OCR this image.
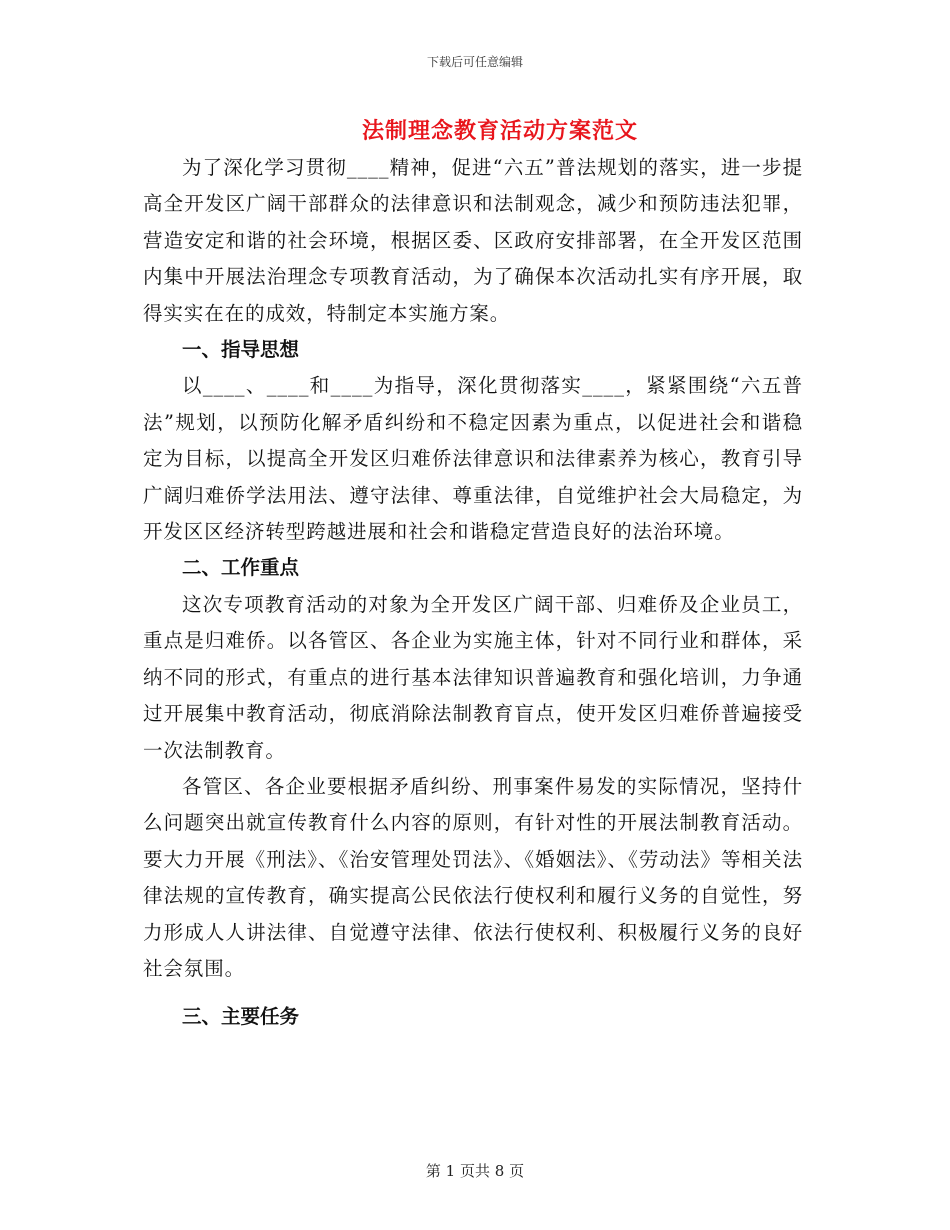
下载后可任意编辑
法制理念教育活动方案范文

为了深化学习贯彻____精神，促进“六五”普法规划的落实，进一步提高全开发区广阔干部群众的法律意识和法制观念，减少和预防违法犯罪，营造安定和谐的社会环境，根据区委、区政府安排部署，在全开发区范围内集中开展法治理念专项教育活动，为了确保本次活动扎实有序开展，取得实实在在的成效，特制定本实施方案。

一、指导思想

以____、____和____为指导，深化贯彻落实____，紧紧围绕“六五普法”规划，以预防化解矛盾纠纷和不稳定因素为重点，以促进社会和谐稳定为目标，以提高全开发区归难侨法律意识和法律素养为核心，教育引导广阔归难侨学法用法、遵守法律、尊重法律，自觉维护社会大局稳定，为开发区区经济转型跨越进展和社会和谐稳定营造良好的法治环境。

二、工作重点

这次专项教育活动的对象为全开发区广阔干部、归难侨及企业员工，重点是归难侨。以各管区、各企业为实施主体，针对不同行业和群体，采纳不同的形式，有重点的进行基本法律知识普遍教育和强化培训，力争通过开展集中教育活动，彻底消除法制教育盲点，使开发区归难侨普遍接受一次法制教育。

各管区、各企业要根据矛盾纠纷、刑事案件易发的实际情况，坚持什么问题突出就宣传教育什么内容的原则，有针对性的开展法制教育活动。要大力开展《刑法》、《治安管理处罚法》、《婚姻法》、《劳动法》等相关法律法规的宣传教育，确实提高公民依法行使权利和履行义务的自觉性，努力形成人人讲法律、自觉遵守法律、依法行使权利、积极履行义务的良好社会氛围。

三、主要任务

第 1 页共 8 页
